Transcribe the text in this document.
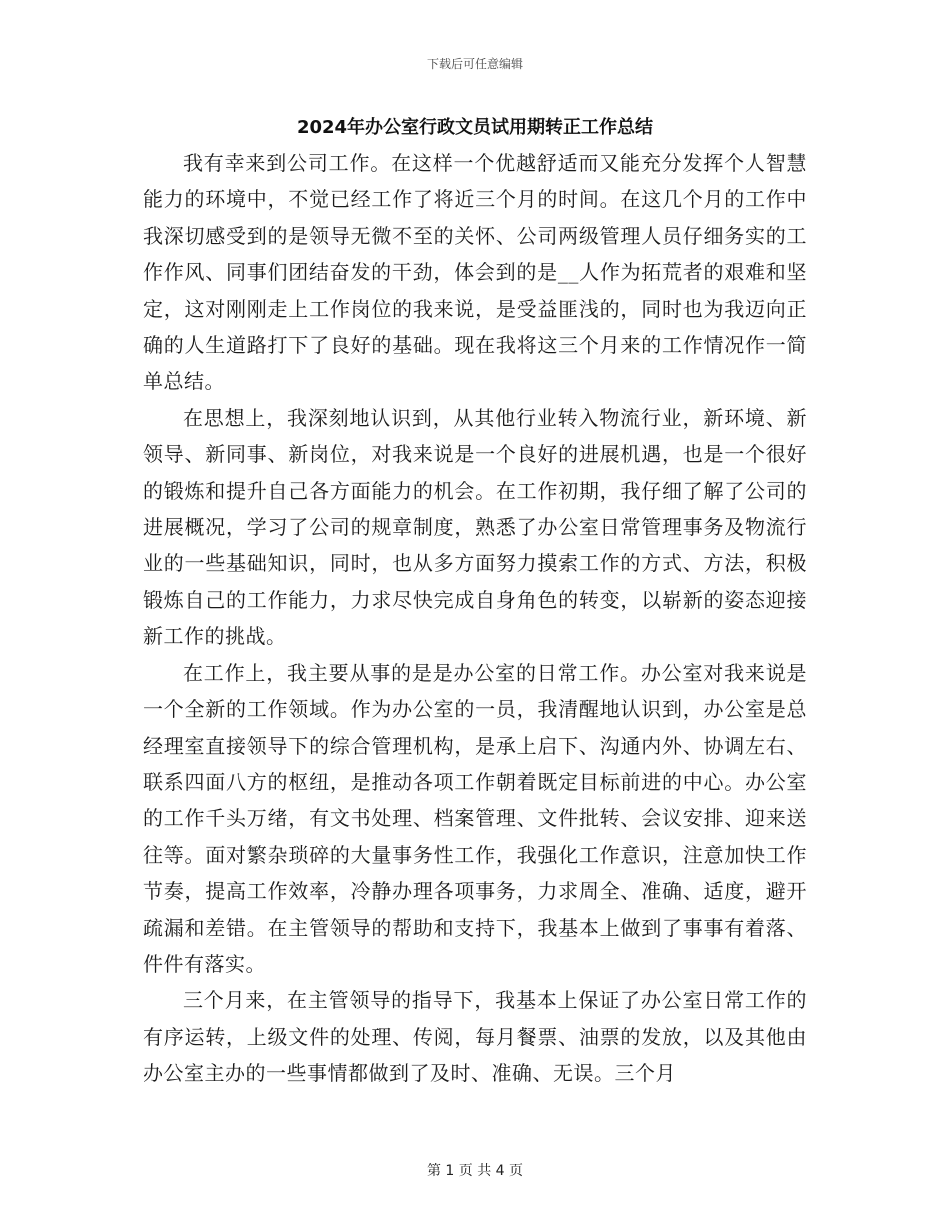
下载后可任意编辑
2024年办公室行政文员试用期转正工作总结

我有幸来到公司工作。在这样一个优越舒适而又能充分发挥个人智慧能力的环境中，不觉已经工作了将近三个月的时间。在这几个月的工作中我深切感受到的是领导无微不至的关怀、公司两级管理人员仔细务实的工作作风、同事们团结奋发的干劲，体会到的是__人作为拓荒者的艰难和坚定，这对刚刚走上工作岗位的我来说，是受益匪浅的，同时也为我迈向正确的人生道路打下了良好的基础。现在我将这三个月来的工作情况作一简单总结。

在思想上，我深刻地认识到，从其他行业转入物流行业，新环境、新领导、新同事、新岗位，对我来说是一个良好的进展机遇，也是一个很好的锻炼和提升自己各方面能力的机会。在工作初期，我仔细了解了公司的进展概况，学习了公司的规章制度，熟悉了办公室日常管理事务及物流行业的一些基础知识，同时，也从多方面努力摸索工作的方式、方法，积极锻炼自己的工作能力，力求尽快完成自身角色的转变，以崭新的姿态迎接新工作的挑战。

在工作上，我主要从事的是是办公室的日常工作。办公室对我来说是一个全新的工作领域。作为办公室的一员，我清醒地认识到，办公室是总经理室直接领导下的综合管理机构，是承上启下、沟通内外、协调左右、联系四面八方的枢纽，是推动各项工作朝着既定目标前进的中心。办公室的工作千头万绪，有文书处理、档案管理、文件批转、会议安排、迎来送往等。面对繁杂琐碎的大量事务性工作，我强化工作意识，注意加快工作节奏，提高工作效率，冷静办理各项事务，力求周全、准确、适度，避开疏漏和差错。在主管领导的帮助和支持下，我基本上做到了事事有着落、件件有落实。

三个月来，在主管领导的指导下，我基本上保证了办公室日常工作的有序运转，上级文件的处理、传阅，每月餐票、油票的发放，以及其他由办公室主办的一些事情都做到了及时、准确、无误。三个月

第 1 页 共 4 页
